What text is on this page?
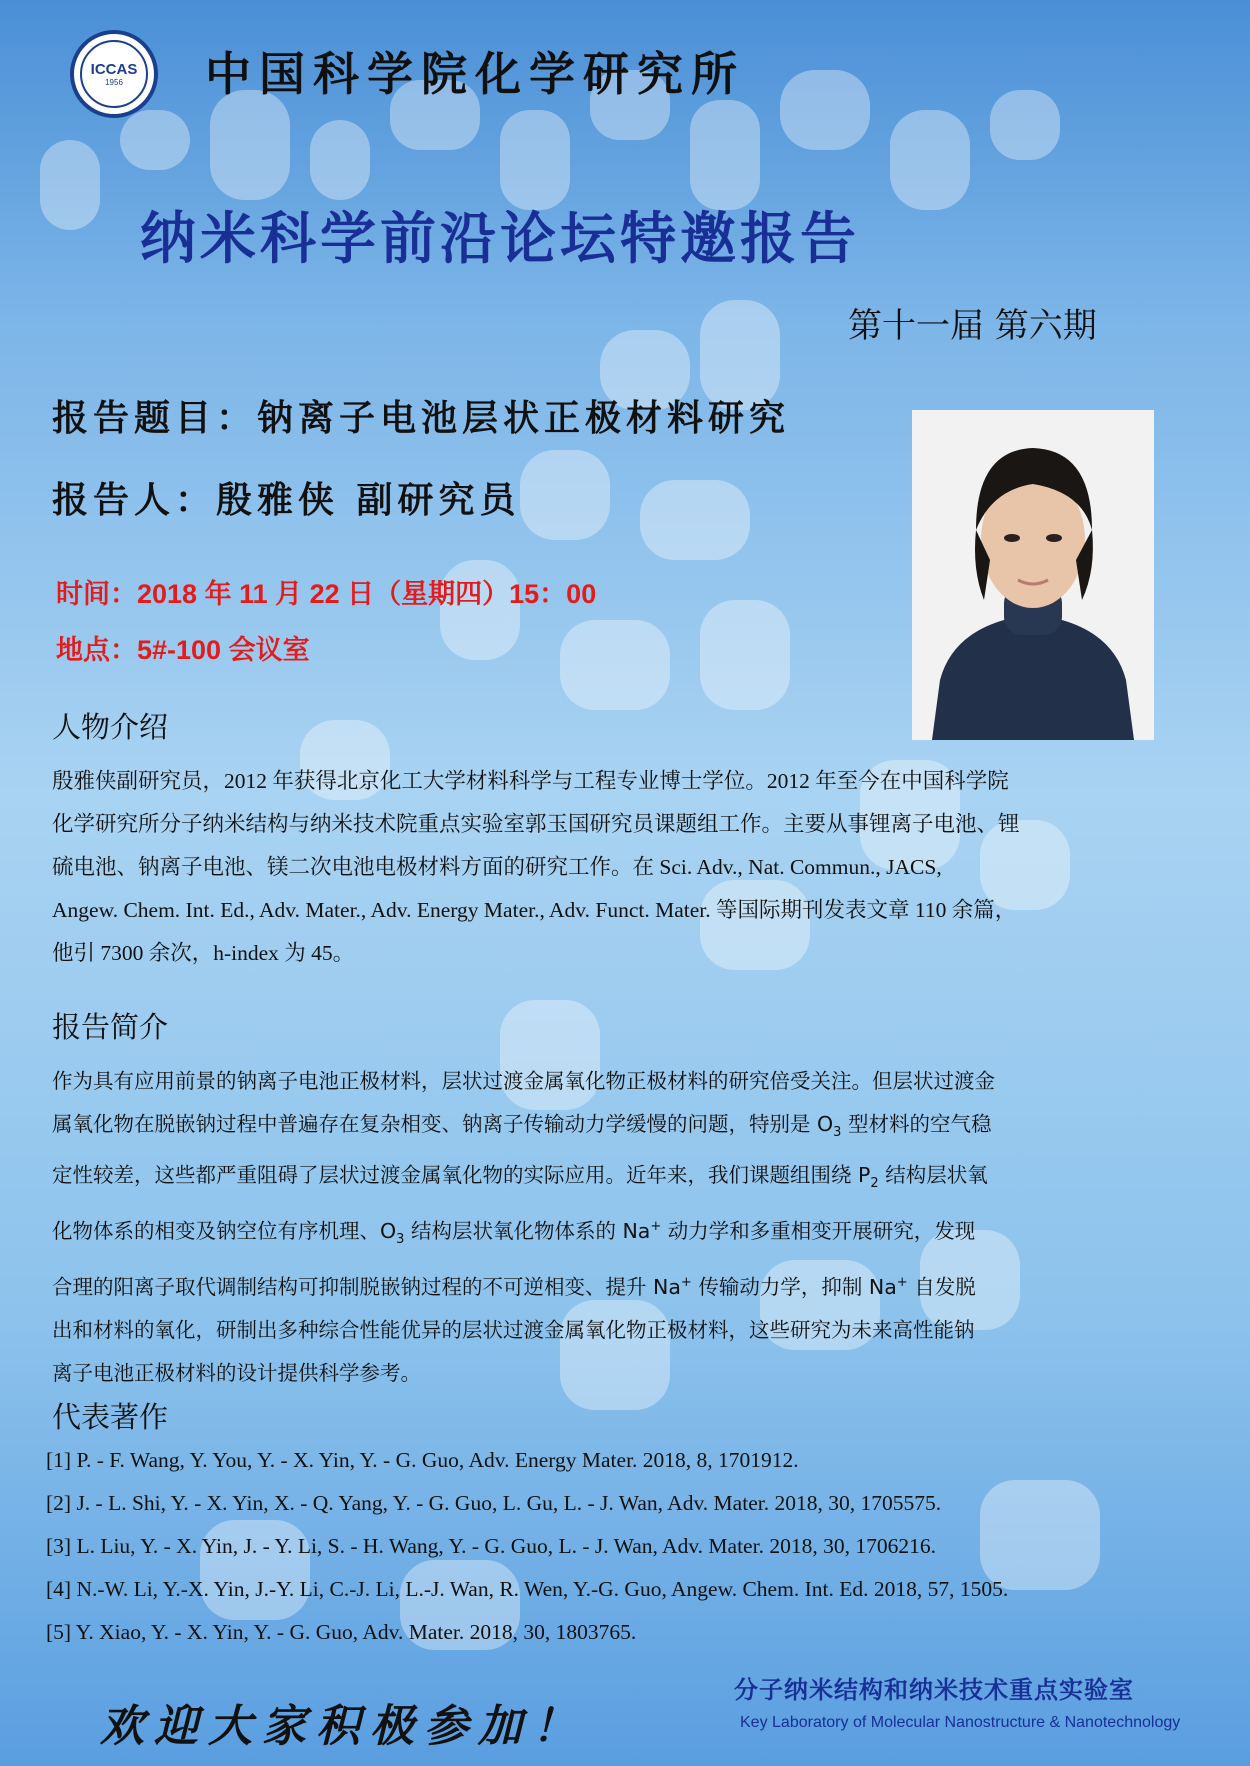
ICCAS
1956 中国科学院化学研究所
纳米科学前沿论坛特邀报告
第十一届 第六期
报告题目：钠离子电池层状正极材料研究
报告人：殷雅侠 副研究员
时间：2018 年 11 月 22 日（星期四）15：00
地点：5#-100 会议室
人物介绍
殷雅侠副研究员，2012 年获得北京化工大学材料科学与工程专业博士学位。2012 年至今在中国科学院
化学研究所分子纳米结构与纳米技术院重点实验室郭玉国研究员课题组工作。主要从事锂离子电池、锂
硫电池、钠离子电池、镁二次电池电极材料方面的研究工作。在 Sci. Adv., Nat. Commun., JACS,
Angew. Chem. Int. Ed., Adv. Mater., Adv. Energy Mater., Adv. Funct. Mater. 等国际期刊发表文章 110 余篇，
他引 7300 余次，h-index 为 45。
报告简介
作为具有应用前景的钠离子电池正极材料，层状过渡金属氧化物正极材料的研究倍受关注。但层状过渡金
属氧化物在脱嵌钠过程中普遍存在复杂相变、钠离子传输动力学缓慢的问题，特别是 $O_3$ 型材料的空气稳
定性较差，这些都严重阻碍了层状过渡金属氧化物的实际应用。近年来，我们课题组围绕 $P_2$ 结构层状氧
化物体系的相变及钠空位有序机理、$O_3$ 结构层状氧化物体系的 Na+ 动力学和多重相变开展研究，发现
合理的阳离子取代调制结构可抑制脱嵌钠过程的不可逆相变、提升 Na+ 传输动力学，抑制 Na+ 自发脱
出和材料的氧化，研制出多种综合性能优异的层状过渡金属氧化物正极材料，这些研究为未来高性能钠
离子电池正极材料的设计提供科学参考。
代表著作
[1] P. - F. Wang, Y. You, Y. - X. Yin, Y. - G. Guo, Adv. Energy Mater. 2018, 8, 1701912.
[2] J. - L. Shi, Y. - X. Yin, X. - Q. Yang, Y. - G. Guo, L. Gu, L. - J. Wan, Adv. Mater. 2018, 30, 1705575.
[3] L. Liu, Y. - X. Yin, J. - Y. Li, S. - H. Wang, Y. - G. Guo, L. - J. Wan, Adv. Mater. 2018, 30, 1706216.
[4] N.-W. Li, Y.-X. Yin, J.-Y. Li, C.-J. Li, L.-J. Wan, R. Wen, Y.-G. Guo, Angew. Chem. Int. Ed. 2018, 57, 1505.
[5] Y. Xiao, Y. - X. Yin, Y. - G. Guo, Adv. Mater. 2018, 30, 1803765.
欢迎大家积极参加！
分子纳米结构和纳米技术重点实验室
Key Laboratory of Molecular Nanostructure & Nanotechnology
